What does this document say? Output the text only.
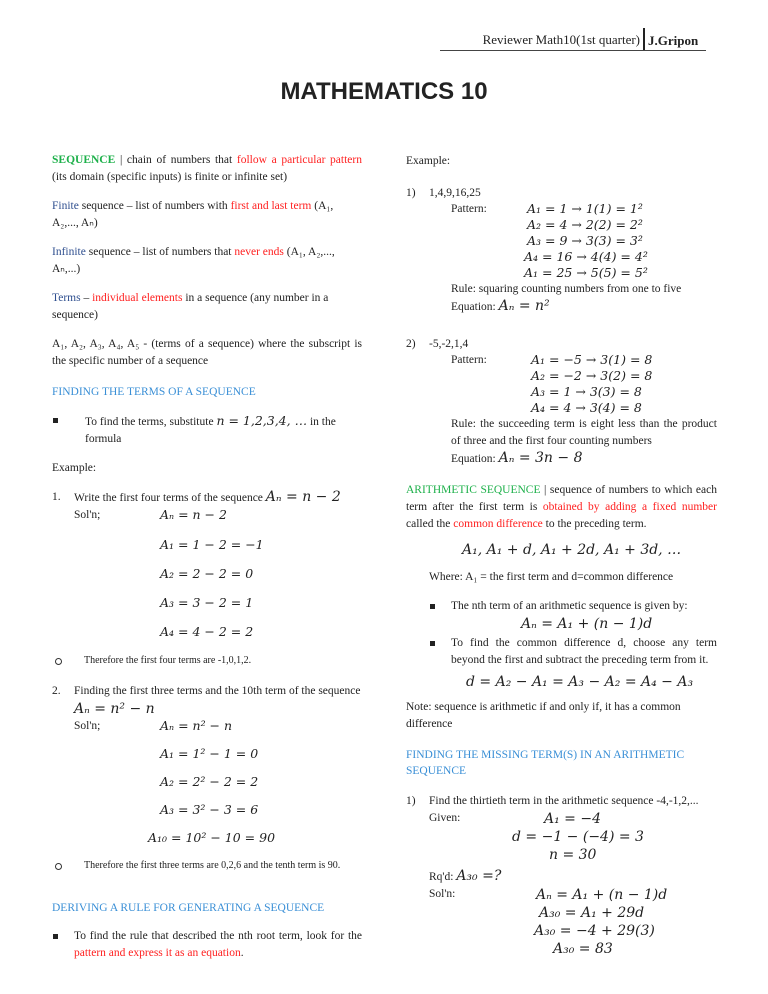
Reviewer Math10(1st quarter) J.Gripon
MATHEMATICS 10
SEQUENCE | chain of numbers that follow a particular pattern (its domain (specific inputs) is finite or infinite set)
Finite sequence – list of numbers with first and last term (A₁, A₂,..., Aₙ)
Infinite sequence – list of numbers that never ends (A₁, A₂,..., Aₙ,...)
Terms – individual elements in a sequence (any number in a sequence)
A₁, A₂, A₃, A₄, A₅ - (terms of a sequence) where the subscript is the specific number of a sequence
FINDING THE TERMS OF A SEQUENCE
To find the terms, substitute n = 1,2,3,4, … in the formula
Example:
1. Write the first four terms of the sequence Aₙ = n − 2
Sol'n;	Aₙ = n − 2
A₁ = 1 − 2 = −1
A₂ = 2 − 2 = 0
A₃ = 3 − 2 = 1
A₄ = 4 − 2 = 2
Therefore the first four terms are -1,0,1,2.
2. Finding the first three terms and the 10th term of the sequence
Aₙ = n² − n
Sol'n;	Aₙ = n² − n
A₁ = 1² − 1 = 0
A₂ = 2² − 2 = 2
A₃ = 3² − 3 = 6
A₁₀ = 10² − 10 = 90
Therefore the first three terms are 0,2,6 and the tenth term is 90.
DERIVING A RULE FOR GENERATING A SEQUENCE
To find the rule that described the nth root term, look for the pattern and express it as an equation.
Example:
1) 1,4,9,16,25
Pattern:	A₁ = 1 → 1(1) = 1²
A₂ = 4 → 2(2) = 2²
A₃ = 9 → 3(3) = 3²
A₄ = 16 → 4(4) = 4²
A₁ = 25 → 5(5) = 5²
Rule: squaring counting numbers from one to five
Equation: Aₙ = n²
2) -5,-2,1,4
Pattern:	A₁ = −5 → 3(1) = 8
A₂ = −2 → 3(2) = 8
A₃ = 1 → 3(3) = 8
A₄ = 4 → 3(4) = 8
Rule: the succeeding term is eight less than the product of three and the first four counting numbers
Equation: Aₙ = 3n − 8
ARITHMETIC SEQUENCE | sequence of numbers to which each term after the first term is obtained by adding a fixed number called the common difference to the preceding term.
A₁, A₁ + d, A₁ + 2d, A₁ + 3d, …
Where: A₁ = the first term and d=common difference
The nth term of an arithmetic sequence is given by:
Aₙ = A₁ + (n − 1)d
To find the common difference d, choose any term beyond the first and subtract the preceding term from it.
d = A₂ − A₁ = A₃ − A₂ = A₄ − A₃
Note: sequence is arithmetic if and only if, it has a common difference
FINDING THE MISSING TERM(S) IN AN ARITHMETIC SEQUENCE
1) Find the thirtieth term in the arithmetic sequence -4,-1,2,...
Given:	A₁ = −4
d = −1 − (−4) = 3
n = 30
Rq'd: A₃₀ =?
Sol'n:	Aₙ = A₁ + (n − 1)d
A₃₀ = A₁ + 29d
A₃₀ = −4 + 29(3)
A₃₀ = 83
